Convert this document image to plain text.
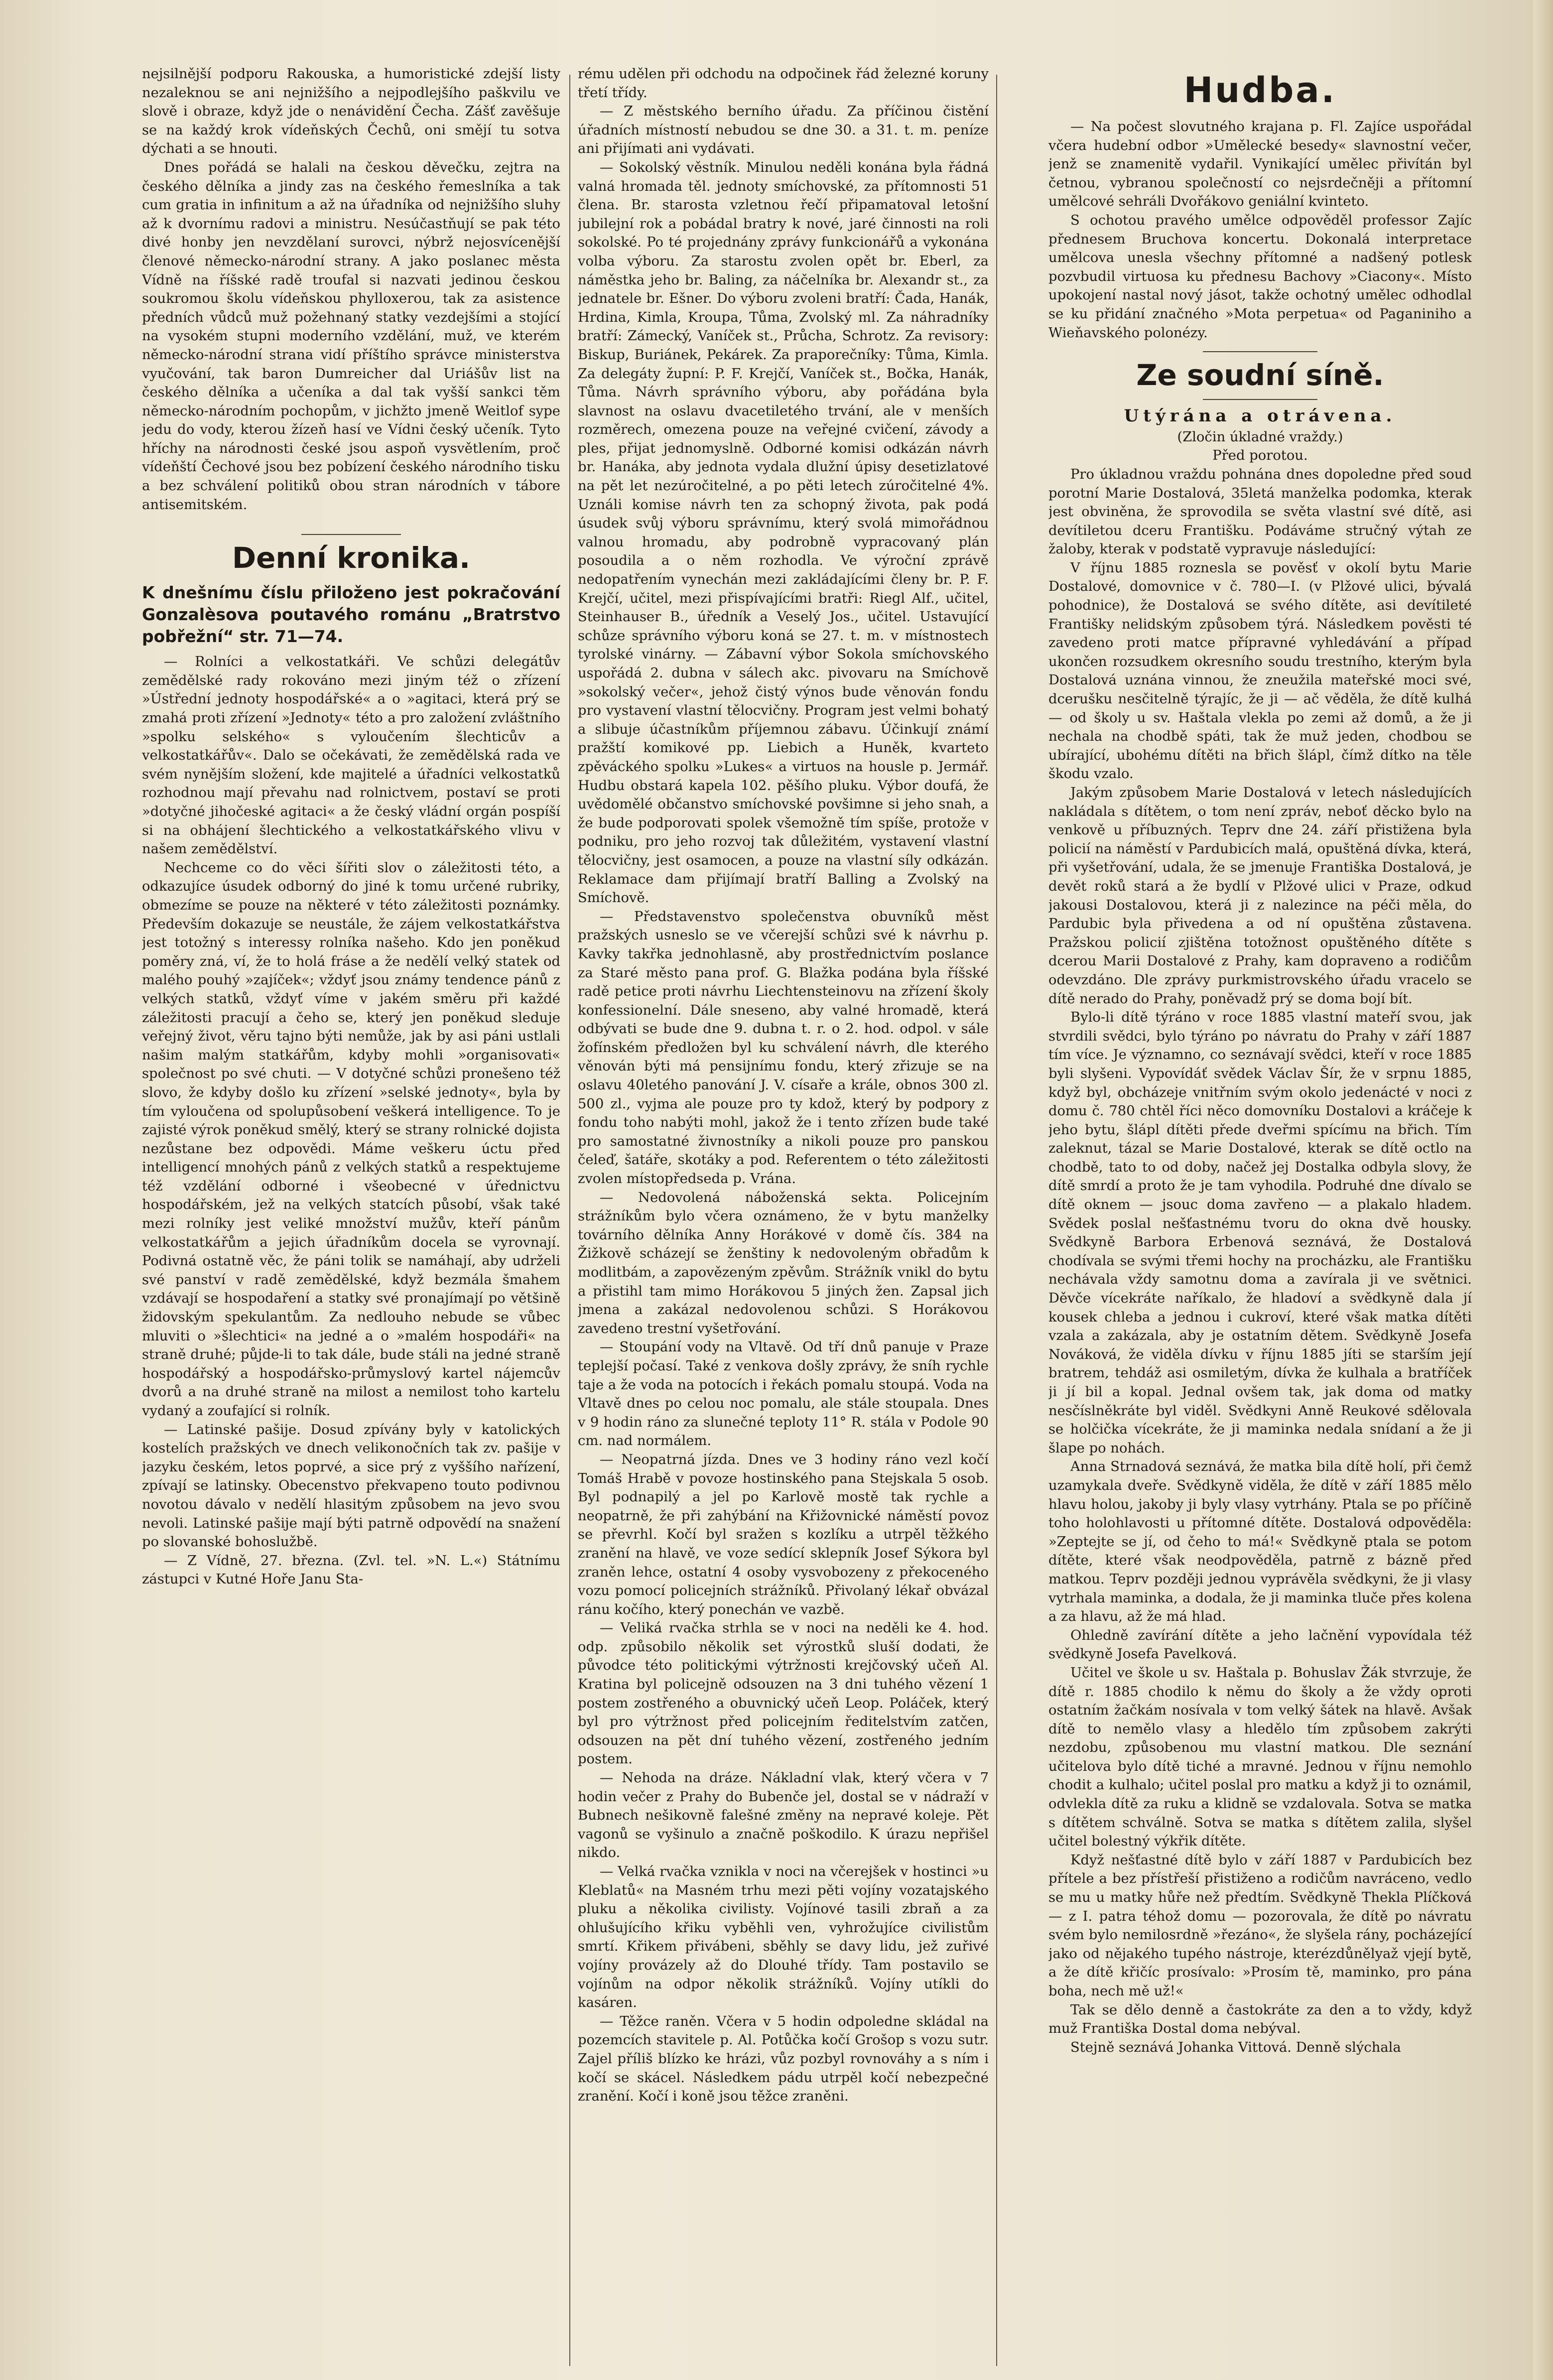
nejsilnější podporu Rakouska, a humoristické zdejší listy nezaleknou se ani nejnižšího a nejpodlejšího paškvilu ve slově i obraze, když jde o nenávidění Čecha. Zášť zavěšuje se na každý krok vídeňských Čechů, oni smějí tu sotva dýchati a se hnouti.

Dnes pořádá se halali na českou děvečku, zejtra na českého dělníka a jindy zas na českého řemeslníka a tak cum gratia in infinitum a až na úřadníka od nejnižšího sluhy až k dvornímu radovi a ministru. Nesúčastňují se pak této divé honby jen nevzdělaní surovci, nýbrž nejosvícenější členové německo-národní strany. A jako poslanec města Vídně na říšské radě troufal si nazvati jedinou českou soukromou školu vídeňskou phylloxerou, tak za asistence předních vůdců muž požehnaný statky vezdejšími a stojící na vysokém stupni moderního vzdělání, muž, ve kterém německo-národní strana vidí příštího správce ministerstva vyučování, tak baron Dumreicher dal Uriášův list na českého dělníka a učeníka a dal tak vyšší sankci těm německo-národním pochopům, v jichžto jmeně Weitlof sype jedu do vody, kterou žízeň hasí ve Vídni český učeník. Tyto hříchy na národnosti české jsou aspoň vysvětlením, proč vídeňští Čechové jsou bez pobízení českého národního tisku a bez schválení politiků obou stran národních v tábore antisemitském.

Denní kronika.
K dnešnímu číslu přiloženo jest pokračování Gonzalèsova poutavého románu „Bratrstvo pobřežní“ str. 71—74.

— Rolníci a velkostatkáři. Ve schůzi delegátův zemědělské rady rokováno mezi jiným též o zřízení »Ústřední jednoty hospodářské« a o »agitaci, která prý se zmahá proti zřízení »Jednoty« této a pro založení zvláštního »spolku selského« s vyloučením šlechticův a velkostatkářův«. Dalo se očekávati, že zemědělská rada ve svém nynějším složení, kde majitelé a úřadníci velkostatků rozhodnou mají převahu nad rolnictvem, postaví se proti »dotyčné jihočeské agitaci« a že český vládní orgán pospíší si na obhájení šlechtického a velkostatkářského vlivu v našem zemědělství.

Nechceme co do věci šířiti slov o záležitosti této, a odkazujíce úsudek odborný do jiné k tomu určené rubriky, obmezíme se pouze na některé v této záležitosti poznámky. Především dokazuje se neustále, že zájem velkostatkářstva jest totožný s interessy rolníka našeho. Kdo jen poněkud poměry zná, ví, že to holá fráse a že nedělí velký statek od malého pouhý »zajíček«; vždyť jsou známy tendence pánů z velkých statků, vždyť víme v jakém směru při každé záležitosti pracují a čeho se, který jen poněkud sleduje veřejný život, věru tajno býti nemůže, jak by asi páni ustlali našim malým statkářům, kdyby mohli »organisovati« společnost po své chuti. — V dotyčné schůzi pronešeno též slovo, že kdyby došlo ku zřízení »selské jednoty«, byla by tím vyloučena od spolupůsobení veškerá intelligence. To je zajisté výrok poněkud smělý, který se strany rolnické dojista nezůstane bez odpovědi. Máme veškeru úctu před intelligencí mnohých pánů z velkých statků a respektujeme též vzdělání odborné i všeobecné v úřednictvu hospodářském, jež na velkých statcích působí, však také mezi rolníky jest veliké množství mužův, kteří pánům velkostatkářům a jejich úřadníkům docela se vyrovnají. Podivná ostatně věc, že páni tolik se namáhají, aby udrželi své panství v radě zemědělské, když bezmála šmahem vzdávají se hospodaření a statky své pronajímají po většině židovským spekulantům. Za nedlouho nebude se vůbec mluviti o »šlechtici« na jedné a o »malém hospodáři« na straně druhé; půjde-li to tak dále, bude stáli na jedné straně hospodářský a hospodářsko-průmyslový kartel nájemcův dvorů a na druhé straně na milost a nemilost toho kartelu vydaný a zoufající si rolník.

— Latinské pašije. Dosud zpívány byly v katolických kostelích pražských ve dnech velikonočních tak zv. pašije v jazyku českém, letos poprvé, a sice prý z vyššího nařízení, zpívají se latinsky. Obecenstvo překvapeno touto podivnou novotou dávalo v nedělí hlasitým způsobem na jevo svou nevoli. Latinské pašije mají býti patrně odpovědí na snažení po slovanské bohoslužbě.

— Z Vídně, 27. března. (Zvl. tel. »N. L.«) Státnímu zástupci v Kutné Hoře Janu Sta-

rému udělen při odchodu na odpočinek řád železné koruny třetí třídy.

— Z městského berního úřadu. Za příčinou čistění úřadních místností nebudou se dne 30. a 31. t. m. peníze ani přijímati ani vydávati.

— Sokolský věstník. Minulou neděli konána byla řádná valná hromada těl. jednoty smíchovské, za přítomnosti 51 člena. Br. starosta vzletnou řečí připamatoval letošní jubilejní rok a pobádal bratry k nové, jaré činnosti na roli sokolské. Po té projednány zprávy funkcionářů a vykonána volba výboru. Za starostu zvolen opět br. Eberl, za náměstka jeho br. Baling, za náčelníka br. Alexandr st., za jednatele br. Ešner. Do výboru zvoleni bratří: Čada, Hanák, Hrdina, Kimla, Kroupa, Tůma, Zvolský ml. Za náhradníky bratří: Zámecký, Vaníček st., Průcha, Schrotz. Za revisory: Biskup, Buriánek, Pekárek. Za praporečníky: Tůma, Kimla. Za delegáty župní: P. F. Krejčí, Vaníček st., Bočka, Hanák, Tůma. Návrh správního výboru, aby pořádána byla slavnost na oslavu dvacetiletého trvání, ale v menších rozměrech, omezena pouze na veřejné cvičení, závody a ples, přijat jednomyslně. Odborné komisi odkázán návrh br. Hanáka, aby jednota vydala dlužní úpisy desetizlatové na pět let nezúročitelné, a po pěti letech zúročitelné 4%. Uználi komise návrh ten za schopný života, pak podá úsudek svůj výboru správnímu, který svolá mimořádnou valnou hromadu, aby podrobně vypracovaný plán posoudila a o něm rozhodla. Ve výroční zprávě nedopatřením vynechán mezi zakládajícími členy br. P. F. Krejčí, učitel, mezi přispívajícími bratři: Riegl Alf., učitel, Steinhauser B., úředník a Veselý Jos., učitel. Ustavující schůze správního výboru koná se 27. t. m. v místnostech tyrolské vinárny. — Zábavní výbor Sokola smíchovského uspořádá 2. dubna v sálech akc. pivovaru na Smíchově »sokolský večer«, jehož čistý výnos bude věnován fondu pro vystavení vlastní tělocvičny. Program jest velmi bohatý a slibuje účastníkům příjemnou zábavu. Účinkují známí pražští komikové pp. Liebich a Huněk, kvarteto zpěváckého spolku »Lukes« a virtuos na housle p. Jermář. Hudbu obstará kapela 102. pěšího pluku. Výbor doufá, že uvědomělé občanstvo smíchovské povšimne si jeho snah, a že bude podporovati spolek všemožně tím spíše, protože v podniku, pro jeho rozvoj tak důležitém, vystavení vlastní tělocvičny, jest osamocen, a pouze na vlastní síly odkázán. Reklamace dam přijímají bratří Balling a Zvolský na Smíchově.

— Představenstvo společenstva obuvníků měst pražských usneslo se ve včerejší schůzi své k návrhu p. Kavky takřka jednohlasně, aby prostřednictvím poslance za Staré město pana prof. G. Blažka podána byla říšské radě petice proti návrhu Liechtensteinovu na zřízení školy konfessionelní. Dále sneseno, aby valné hromadě, která odbývati se bude dne 9. dubna t. r. o 2. hod. odpol. v sále žofínském předložen byl ku schválení návrh, dle kterého věnován býti má pensijnímu fondu, který zřizuje se na oslavu 40letého panování J. V. císaře a krále, obnos 300 zl. 500 zl., vyjma ale pouze pro ty kdož, který by podpory z fondu toho nabýti mohl, jakož že i tento zřízen bude také pro samostatné živnostníky a nikoli pouze pro panskou čeleď, šatáře, skotáky a pod. Referentem o této záležitosti zvolen místopředseda p. Vrána.

— Nedovolená náboženská sekta. Policejním strážníkům bylo včera oznámeno, že v bytu manželky továrního dělníka Anny Horákové v domě čís. 384 na Žižkově scházejí se ženštiny k nedovoleným obřadům k modlitbám, a zapovězeným zpěvům. Strážník vnikl do bytu a přistihl tam mimo Horákovou 5 jiných žen. Zapsal jich jmena a zakázal nedovolenou schůzi. S Horákovou zavedeno trestní vyšetřování.

— Stoupání vody na Vltavě. Od tří dnů panuje v Praze teplejší počasí. Také z venkova došly zprávy, že sníh rychle taje a že voda na potocích i řekách pomalu stoupá. Voda na Vltavě dnes po celou noc pomalu, ale stále stoupala. Dnes v 9 hodin ráno za slunečné teploty 11° R. stála v Podole 90 cm. nad normálem.

— Neopatrná jízda. Dnes ve 3 hodiny ráno vezl kočí Tomáš Hrabě v povoze hostinského pana Stejskala 5 osob. Byl podnapilý a jel po Karlově mostě tak rychle a neopatrně, že při zahýbání na Křižovnické náměstí povoz se převrhl. Kočí byl sražen s kozlíku a utrpěl těžkého zranění na hlavě, ve voze sedící sklepník Josef Sýkora byl zraněn lehce, ostatní 4 osoby vysvobozeny z překoceného vozu pomocí policejních strážníků. Přivolaný lékař obvázal ránu kočího, který ponechán ve vazbě.

— Veliká rvačka strhla se v noci na neděli ke 4. hod. odp. způsobilo několik set výrostků sluší dodati, že původce této politickými výtržnosti krejčovský učeň Al. Kratina byl policejně odsouzen na 3 dni tuhého vězení 1 postem zostřeného a obuvnický učeň Leop. Poláček, který byl pro výtržnost před policejním ředitelstvím zatčen, odsouzen na pět dní tuhého vězení, zostřeného jedním postem.

— Nehoda na dráze. Nákladní vlak, který včera v 7 hodin večer z Prahy do Bubenče jel, dostal se v nádraží v Bubnech nešikovně falešné změny na nepravé koleje. Pět vagonů se vyšinulo a značně poškodilo. K úrazu nepřišel nikdo.

— Velká rvačka vznikla v noci na včerejšek v hostinci »u Kleblatů« na Masném trhu mezi pěti vojíny vozatajského pluku a několika civilisty. Vojínové tasili zbraň a za ohlušujícího křiku vyběhli ven, vyhrožujíce civilistům smrtí. Křikem přivábeni, sběhly se davy lidu, jež zuřivé vojíny provázely až do Dlouhé třídy. Tam postavilo se vojínům na odpor několik strážníků. Vojíny utíkli do kasáren.

— Těžce raněn. Včera v 5 hodin odpoledne skládal na pozemcích stavitele p. Al. Potůčka kočí Grošop s vozu sutr. Zajel příliš blízko ke hrázi, vůz pozbyl rovnováhy a s ním i kočí se skácel. Následkem pádu utrpěl kočí nebezpečné zranění. Kočí i koně jsou těžce zraněni.

Hudba.

— Na počest slovutného krajana p. Fl. Zajíce uspořádal včera hudební odbor »Umělecké besedy« slavnostní večer, jenž se znamenitě vydařil. Vynikající umělec přivítán byl četnou, vybranou společností co nejsrdečněji a přítomní umělcové sehráli Dvořákovo geniální kvinteto.

S ochotou pravého umělce odpověděl professor Zajíc přednesem Bruchova koncertu. Dokonalá interpretace umělcova unesla všechny přítomné a nadšený potlesk pozvbudil virtuosa ku přednesu Bachovy »Ciacony«. Místo upokojení nastal nový jásot, takže ochotný umělec odhodlal se ku přidání značného »Mota perpetua« od Paganiniho a Wieňavského polonézy.

Ze soudní síně.
Utýrána a otrávena.

(Zločin úkladné vraždy.)

Před porotou.

Pro úkladnou vraždu pohnána dnes dopoledne před soud porotní Marie Dostalová, 35letá manželka podomka, kterak jest obviněna, že sprovodila se světa vlastní své dítě, asi devítiletou dceru Františku. Podáváme stručný výtah ze žaloby, kterak v podstatě vypravuje následující:

V říjnu 1885 roznesla se pověsť v okolí bytu Marie Dostalové, domovnice v č. 780—I. (v Plžové ulici, bývalá pohodnice), že Dostalová se svého dítěte, asi devítileté Františky nelidským způsobem týrá. Následkem pověsti té zavedeno proti matce přípravné vyhledávání a případ ukončen rozsudkem okresního soudu trestního, kterým byla Dostalová uznána vinnou, že zneužila mateřské moci své, dcerušku nesčitelně týrajíc, že ji — ač věděla, že dítě kulhá — od školy u sv. Haštala vlekla po zemi až domů, a že ji nechala na chodbě spáti, tak že muž jeden, chodbou se ubírající, ubohému dítěti na břich šlápl, čímž dítko na těle škodu vzalo.

Jakým způsobem Marie Dostalová v letech následujících nakládala s dítětem, o tom není zpráv, neboť děcko bylo na venkově u příbuzných. Teprv dne 24. září přistižena byla policií na náměstí v Pardubicích malá, opuštěná dívka, která, při vyšetřování, udala, že se jmenuje Františka Dostalová, je devět roků stará a že bydlí v Plžové ulici v Praze, odkud jakousi Dostalovou, která ji z nalezince na péči měla, do Pardubic byla přivedena a od ní opuštěna zůstavena. Pražskou policií zjištěna totožnost opuštěného dítěte s dcerou Marii Dostalové z Prahy, kam dopraveno a rodičům odevzdáno. Dle zprávy purkmistrovského úřadu vracelo se dítě nerado do Prahy, poněvadž prý se doma bojí bít.

Bylo-li dítě týráno v roce 1885 vlastní mateří svou, jak stvrdili svědci, bylo týráno po návratu do Prahy v září 1887 tím více. Je významno, co seznávají svědci, kteří v roce 1885 byli slyšeni. Vypovídáť svědek Václav Šír, že v srpnu 1885, když byl, obcházeje vnitřním svým okolo jedenácté v noci z domu č. 780 chtěl říci něco domovníku Dostalovi a kráčeje k jeho bytu, šlápl dítěti přede dveřmi spícímu na břich. Tím zaleknut, tázal se Marie Dostalové, kterak se dítě octlo na chodbě, tato to od doby, načež jej Dostalka odbyla slovy, že dítě smrdí a proto že je tam vyhodila. Podruhé dne dívalo se dítě oknem — jsouc doma zavřeno — a plakalo hladem. Svědek poslal nešťastnému tvoru do okna dvě housky. Svědkyně Barbora Erbenová seznává, že Dostalová chodívala se svými třemi hochy na procházku, ale Františku nechávala vždy samotnu doma a zavírala ji ve světnici. Děvče vícekráte naříkalo, že hladoví a svědkyně dala jí kousek chleba a jednou i cukroví, které však matka dítěti vzala a zakázala, aby je ostatním dětem. Svědkyně Josefa Nováková, že viděla dívku v říjnu 1885 jíti se starším její bratrem, tehdáž asi osmiletým, dívka že kulhala a bratříček ji jí bil a kopal. Jednal ovšem tak, jak doma od matky nesčíslněkráte byl viděl. Svědkyni Anně Reukové sdělovala se holčička vícekráte, že ji maminka nedala snídaní a že ji šlape po nohách.

Anna Strnadová seznává, že matka bila dítě holí, při čemž uzamykala dveře. Svědkyně viděla, že dítě v září 1885 mělo hlavu holou, jakoby ji byly vlasy vytrhány. Ptala se po příčině toho holohlavosti u přítomné dítěte. Dostalová odpověděla: »Zeptejte se jí, od čeho to má!« Svědkyně ptala se potom dítěte, které však neodpověděla, patrně z bázně před matkou. Teprv později jednou vyprávěla svědkyni, že ji vlasy vytrhala maminka, a dodala, že ji maminka tluče přes kolena a za hlavu, až že má hlad.

Ohledně zavírání dítěte a jeho lačnění vypovídala též svědkyně Josefa Pavelková.

Učitel ve škole u sv. Haštala p. Bohuslav Žák stvrzuje, že dítě r. 1885 chodilo k němu do školy a že vždy oproti ostatním žačkám nosívala v tom velký šátek na hlavě. Avšak dítě to nemělo vlasy a hledělo tím způsobem zakrýti nezdobu, způsobenou mu vlastní matkou. Dle seznání učitelova bylo dítě tiché a mravné. Jednou v říjnu nemohlo chodit a kulhalo; učitel poslal pro matku a když ji to oznámil, odvlekla dítě za ruku a klidně se vzdalovala. Sotva se matka s dítětem schválně. Sotva se matka s dítětem zalila, slyšel učitel bolestný výkřik dítěte.

Když nešťastné dítě bylo v září 1887 v Pardubicích bez přítele a bez přístřeší přistiženo a rodičům navráceno, vedlo se mu u matky hůře než předtím. Svědkyně Thekla Plíčková — z I. patra téhož domu — pozorovala, že dítě po návratu svém bylo nemilosrdně »řezáno«, že slyšela rány, pocházející jako od nějakého tupého nástroje, kterézdůnělyaž vjejí bytě, a že dítě křičíc prosívalo: »Prosím tě, maminko, pro pána boha, nech mě už!«

Tak se dělo denně a častokráte za den a to vždy, když muž Františka Dostal doma nebýval.

Stejně seznává Johanka Vittová. Denně slýchala
